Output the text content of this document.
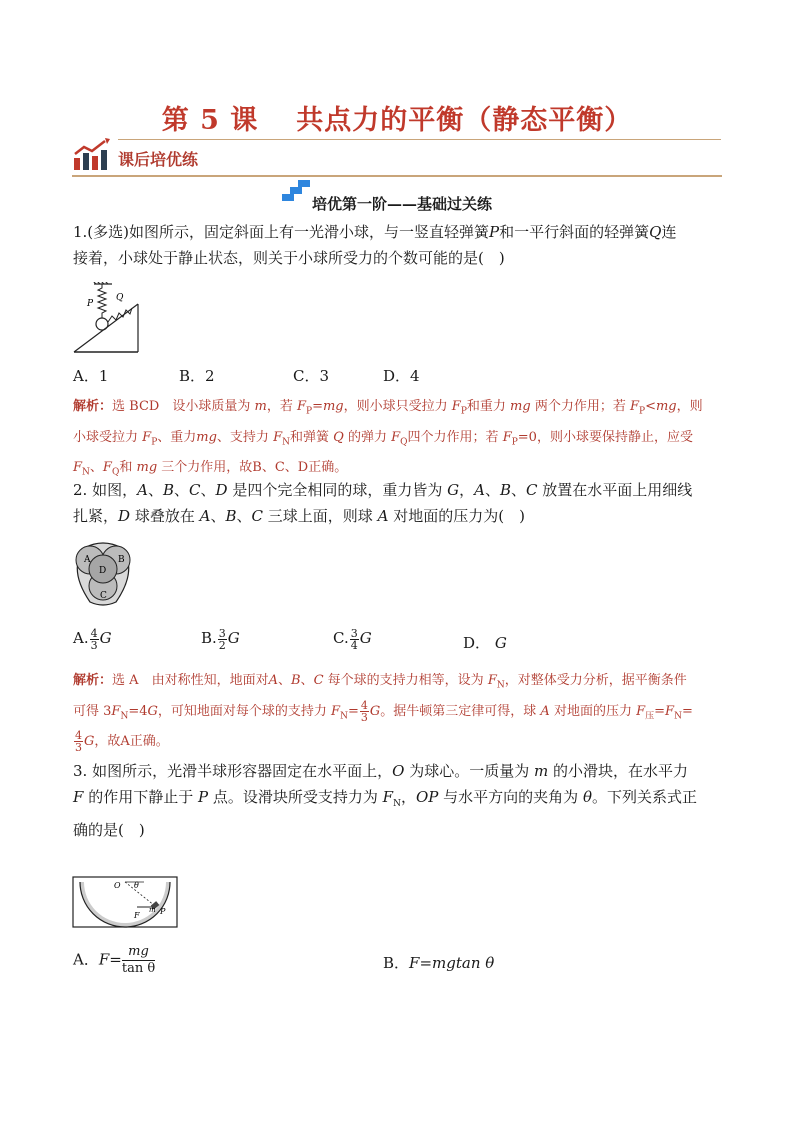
第 5 课 共点力的平衡（静态平衡）
课后培优练
培优第一阶——基础过关练
1.(多选)如图所示，固定斜面上有一光滑小球，与一竖直轻弹簧P和一平行斜面的轻弹簧Q连
接着，小球处于静止状态，则关于小球所受力的个数可能的是(　)
P
Q
A．1	B．2	C．3	D．4
解析：选 BCD　 设小球质量为 m，若 $F_P=mg$，则小球只受拉力 $F_P$和重力 mg 两个力作用；若 $F_P<mg$，则
小球受拉力 $F_P$、重力mg、支持力 $F_N$和弹簧 Q 的弹力 $F_Q$四个力作用；若 $F_P=0$，则小球要保持静止，应受
$F_N$、$F_Q$和 mg 三个力作用，故B、C、D正确。
2. 如图，A、B、C、D 是四个完全相同的球，重力皆为 G，A、B、C 放置在水平面上用细线
扎紧，D 球叠放在 A、B、C 三球上面，则球 A 对地面的压力为(　)
A	B
D
C
A. $\frac{4}{3}$ G	B. $\frac{3}{2}$ G	C. $\frac{3}{4}$ G	D． G
解析：选 A　 由对称性知，地面对A、B、C 每个球的支持力相等，设为 $F_N$，对整体受力分析，据平衡条件
可得 $3F_N=4G$，可知地面对每个球的支持力 $F_N= \frac{4}{3}$ G。据牛顿第三定律可得，球 A 对地面的压力 $F_压=F_N=$

$\frac{4}{3}$ G，故A正确。
3. 如图所示，光滑半球形容器固定在水平面上，O 为球心。一质量为 m 的小滑块，在水平力
F 的作用下静止于 P 点。设滑块所受支持力为 $F_N$，OP 与水平方向的夹角为 θ。下列关系式正
确的是(　)
O θ
F
m P
A．$F= \frac{mg}{\text{tan θ}}$	B．F=mgtan θ
